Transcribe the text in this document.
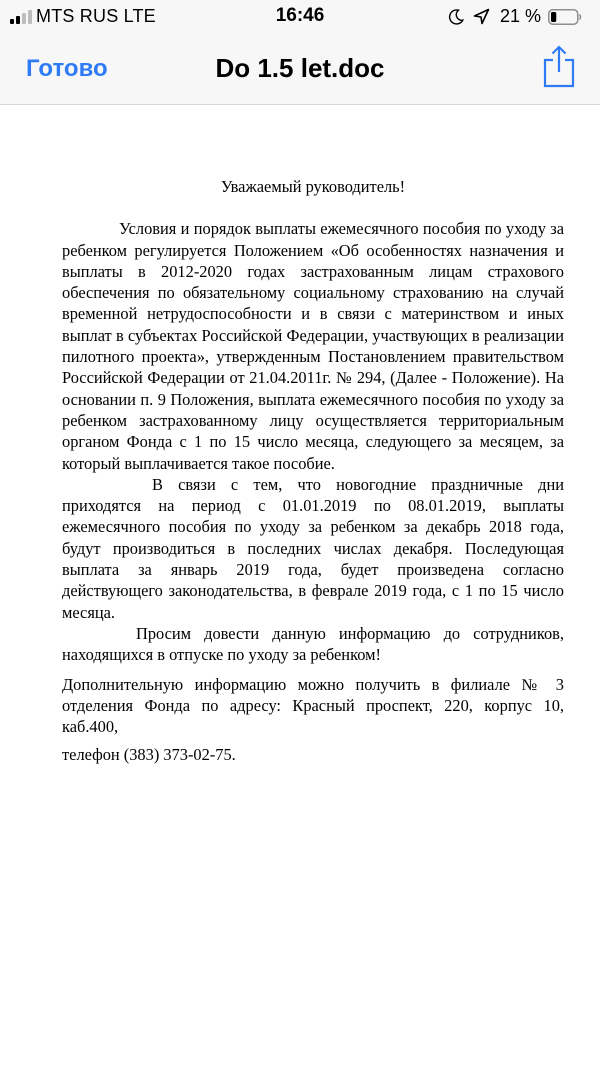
MTS RUS LTE	16:46	21 %
Готово	Do 1.5 let.doc
Уважаемый руководитель!

Условия и порядок выплаты ежемесячного пособия по уходу за ребенком регулируется Положением «Об особенностях назначения и выплаты в 2012-2020 годах застрахованным лицам страхового обеспечения по обязательному социальному страхованию на случай временной нетрудоспособности и в связи с материнством и иных выплат в субъектах Российской Федерации, участвующих в реализации пилотного проекта», утвержденным Постановлением правительством Российской Федерации от 21.04.2011г. № 294, (Далее - Положение). На основании п. 9 Положения, выплата ежемесячного пособия по уходу за ребенком застрахованному лицу осуществляется территориальным органом Фонда с 1 по 15 число месяца, следующего за месяцем, за который выплачивается такое пособие.

В связи с тем, что новогодние праздничные дни приходятся на период с 01.01.2019 по 08.01.2019, выплаты ежемесячного пособия по уходу за ребенком за декабрь 2018 года, будут производиться в последних числах декабря. Последующая выплата за январь 2019 года, будет произведена согласно действующего законодательства, в феврале 2019 года, с 1 по 15 число месяца.

Просим довести данную информацию до сотрудников, находящихся в отпуске по уходу за ребенком!

Дополнительную информацию можно получить в филиале № 3 отделения Фонда по адресу: Красный проспект, 220, корпус 10, каб.400,

телефон (383) 373-02-75.
